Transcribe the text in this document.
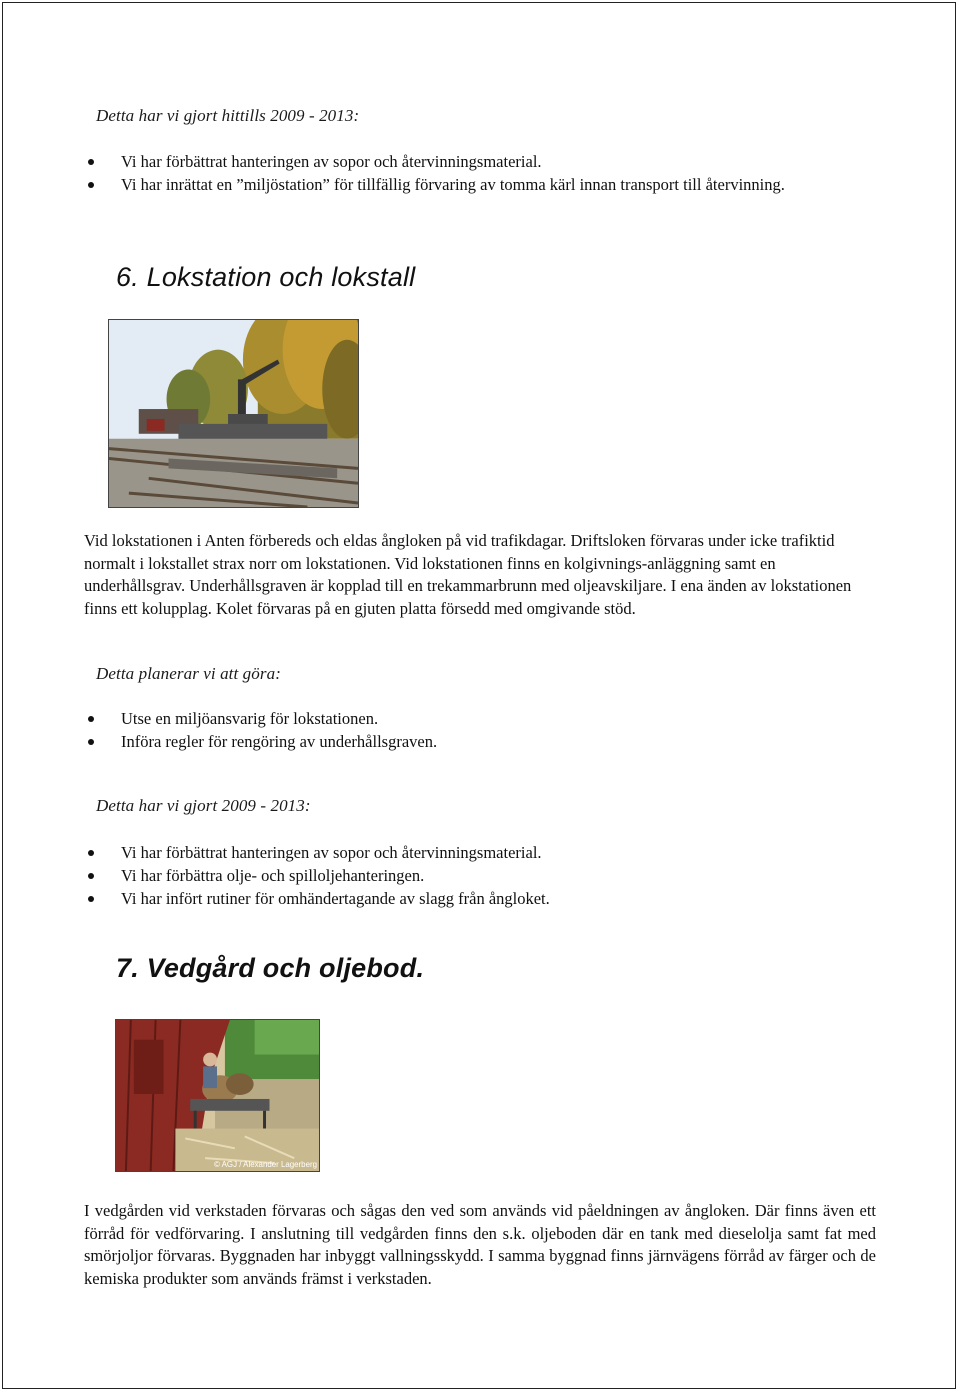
Detta har vi gjort hittills 2009 - 2013:
Vi har förbättrat hanteringen av sopor och återvinningsmaterial.
Vi har inrättat en ”miljöstation” för tillfällig förvaring av tomma kärl innan transport till återvinning.
6. Lokstation och lokstall

Vid lokstationen i Anten förbereds och eldas ångloken på vid trafikdagar. Driftsloken förvaras under icke trafiktid normalt i lokstallet strax norr om lokstationen. Vid lokstationen finns en kolgivnings-anläggning samt en underhållsgrav. Underhållsgraven är kopplad till en trekammarbrunn med oljeavskiljare. I ena änden av lokstationen finns ett kolupplag. Kolet förvaras på en gjuten platta försedd med omgivande stöd.

Detta planerar vi att göra:
Utse en miljöansvarig för lokstationen.
Införa regler för rengöring av underhållsgraven.
Detta har vi gjort 2009 - 2013:
Vi har förbättrat hanteringen av sopor och återvinningsmaterial.
Vi har förbättra olje- och spilloljehanteringen.
Vi har infört rutiner för omhändertagande av slagg från ångloket.
7. Vedgård och oljebod.
© AGJ / Alexander Lagerberg

I vedgården vid verkstaden förvaras och sågas den ved som används vid påeldningen av ångloken. Där finns även ett förråd för vedförvaring. I anslutning till vedgården finns den s.k. oljeboden där en tank med dieselolja samt fat med smörjoljor förvaras. Byggnaden har inbyggt vallningsskydd. I samma byggnad finns järnvägens förråd av färger och de kemiska produkter som används främst i verkstaden.
